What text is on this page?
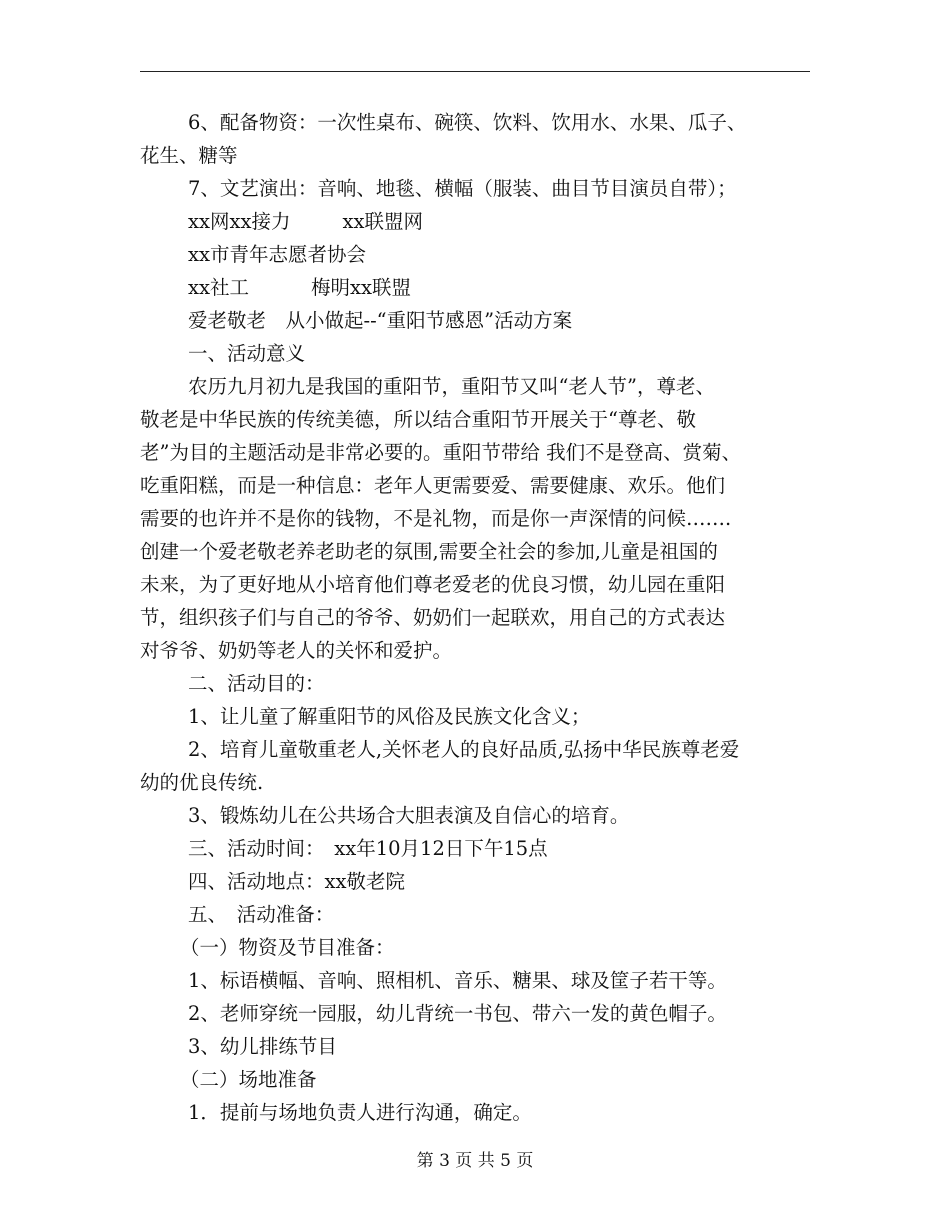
6、配备物资：一次性桌布、碗筷、饮料、饮用水、水果、瓜子、
花生、糖等
7、文艺演出：音响、地毯、横幅（服装、曲目节目演员自带）；
xx网xx接力	xx联盟网
xx市青年志愿者协会
xx社工	梅明xx联盟
爱老敬老　从小做起--“重阳节感恩”活动方案
一、活动意义
农历九月初九是我国的重阳节，重阳节又叫“老人节”，尊老、
敬老是中华民族的传统美德，所以结合重阳节开展关于“尊老、敬
老”为目的主题活动是非常必要的。重阳节带给 我们不是登高、赏菊、
吃重阳糕，而是一种信息：老年人更需要爱、需要健康、欢乐。他们
需要的也许并不是你的钱物，不是礼物，而是你一声深情的问候…….
创建一个爱老敬老养老助老的氛围,需要全社会的参加,儿童是祖国的
未来，为了更好地从小培育他们尊老爱老的优良习惯，幼儿园在重阳
节，组织孩子们与自己的爷爷、奶奶们一起联欢，用自己的方式表达
对爷爷、奶奶等老人的关怀和爱护。
二、活动目的：
1、让儿童了解重阳节的风俗及民族文化含义；
2、培育儿童敬重老人,关怀老人的良好品质,弘扬中华民族尊老爱
幼的优良传统.
3、锻炼幼儿在公共场合大胆表演及自信心的培育。
三、活动时间：　xx年10月12日下午15点
四、活动地点：xx敬老院
五、　活动准备：
（一）物资及节目准备：
1、标语横幅、音响、照相机、音乐、糖果、球及筐子若干等。
2、老师穿统一园服，幼儿背统一书包、带六一发的黄色帽子。
3、幼儿排练节目
（二）场地准备
1．提前与场地负责人进行沟通，确定。
第 3 页 共 5 页
